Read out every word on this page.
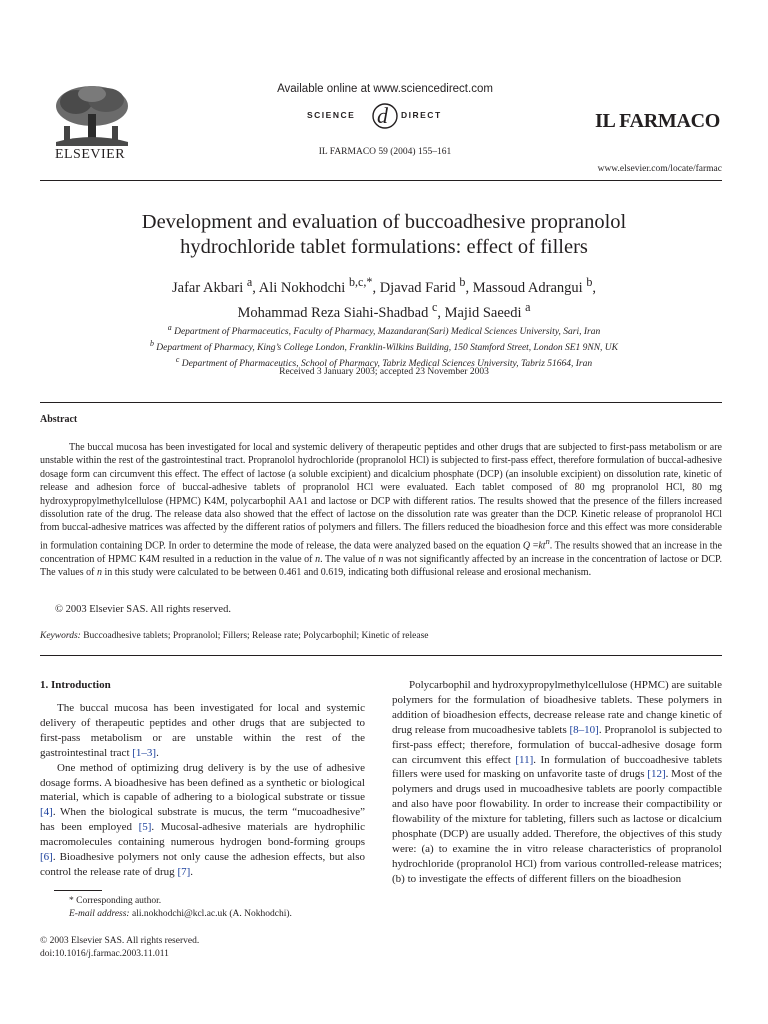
ELSEVIER
Available online at www.sciencedirect.com
SCIENCE d DIRECT
IL FARMACO 59 (2004) 155–161
IL FARMACO
www.elsevier.com/locate/farmac
Development and evaluation of buccoadhesive propranolol
hydrochloride tablet formulations: effect of fillers
Jafar Akbari $^a$, Ali Nokhodchi $^{b,c,*}$, Djavad Farid $^b$, Massoud Adrangui $^b$,
Mohammad Reza Siahi-Shadbad $^c$, Majid Saeedi $^a$
$^a$ Department of Pharmaceutics, Faculty of Pharmacy, Mazandaran(Sari) Medical Sciences University, Sari, Iran
$^b$ Department of Pharmacy, King’s College London, Franklin-Wilkins Building, 150 Stamford Street, London SE1 9NN, UK
$^c$ Department of Pharmaceutics, School of Pharmacy, Tabriz Medical Sciences University, Tabriz 51664, Iran
Received 3 January 2003; accepted 23 November 2003
Abstract

The buccal mucosa has been investigated for local and systemic delivery of therapeutic peptides and other drugs that are subjected to first-pass metabolism or are unstable within the rest of the gastrointestinal tract. Propranolol hydrochloride (propranolol HCl) is subjected to first-pass effect, therefore formulation of buccal-adhesive dosage form can circumvent this effect. The effect of lactose (a soluble excipient) and dicalcium phosphate (DCP) (an insoluble excipient) on dissolution rate, kinetic of release and adhesion force of buccal-adhesive tablets of propranolol HCl were evaluated. Each tablet composed of 80 mg propranolol HCl, 80 mg hydroxypropylmethylcellulose (HPMC) K4M, polycarbophil AA1 and lactose or DCP with different ratios. The results showed that the presence of the fillers increased dissolution rate of the drug. The release data also showed that the effect of lactose on the dissolution rate was greater than the DCP. Kinetic release of propranolol HCl from buccal-adhesive matrices was affected by the different ratios of polymers and fillers. The fillers reduced the bioadhesion force and this effect was more considerable in formulation containing DCP. In order to determine the mode of release, the data were analyzed based on the equation $Q =kt^n$. The results showed that an increase in the concentration of HPMC K4M resulted in a reduction in the value of n. The value of n was not significantly affected by an increase in the concentration of lactose or DCP. The values of n in this study were calculated to be between 0.461 and 0.619, indicating both diffusional release and erosional mechanism.

© 2003 Elsevier SAS. All rights reserved.
Keywords: Buccoadhesive tablets; Propranolol; Fillers; Release rate; Polycarbophil; Kinetic of release
1. Introduction

The buccal mucosa has been investigated for local and systemic delivery of therapeutic peptides and other drugs that are subjected to first-pass metabolism or are unstable within the rest of the gastrointestinal tract [1–3].

One method of optimizing drug delivery is by the use of adhesive dosage forms. A bioadhesive has been defined as a synthetic or biological material, which is capable of adhering to a biological substrate or tissue [4]. When the biological substrate is mucus, the term “mucoadhesive” has been employed [5]. Mucosal-adhesive materials are hydrophilic macromolecules containing numerous hydrogen bond-forming groups [6]. Bioadhesive polymers not only cause the adhesion effects, but also control the release rate of drug [7].

* Corresponding author.

E-mail address: ali.nokhodchi@kcl.ac.uk (A. Nokhodchi).

© 2003 Elsevier SAS. All rights reserved.
doi:10.1016/j.farmac.2003.11.011

Polycarbophil and hydroxypropylmethylcellulose (HPMC) are suitable polymers for the formulation of bioadhesive tablets. These polymers in addition of bioadhesion effects, decrease release rate and change kinetic of drug release from mucoadhesive tablets [8–10]. Propranolol is subjected to first-pass effect; therefore, formulation of buccal-adhesive dosage form can circumvent this effect [11]. In formulation of buccoadhesive tablets fillers were used for masking on unfavorite taste of drugs [12]. Most of the polymers and drugs used in mucoadhesive tablets are poorly compactible and also have poor flowability. In order to increase their compactibility or flowability of the mixture for tableting, fillers such as lactose or dicalcium phosphate (DCP) are usually added. Therefore, the objectives of this study were: (a) to examine the in vitro release characteristics of propranolol hydrochloride (propranolol HCl) from various controlled-release matrices; (b) to investigate the effects of different fillers on the bioadhesion
